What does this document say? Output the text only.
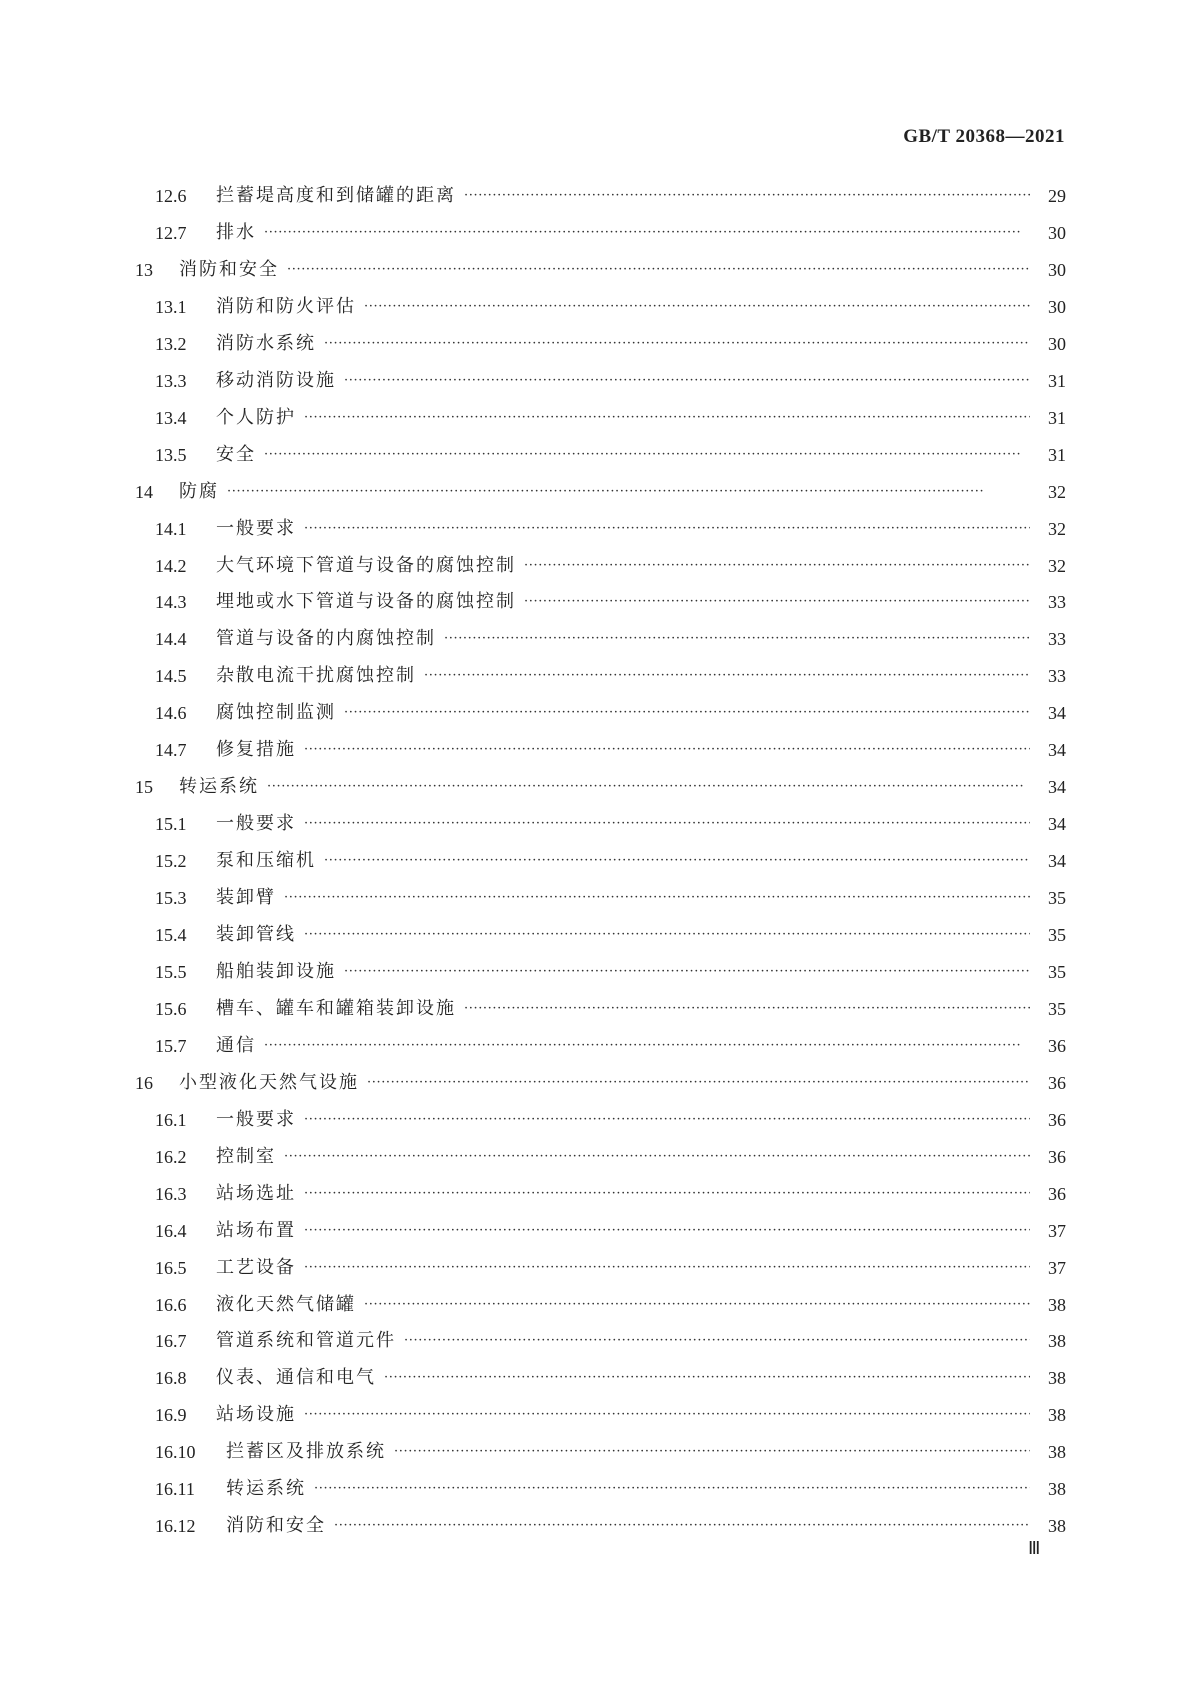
GB/T 20368—2021
12.6	拦蓄堤高度和到储罐的距离 ·····	29
12.7	排水 ·····	30
13	消防和安全 ·····	30
13.1	消防和防火评估 ·····	30
13.2	消防水系统 ·····	30
13.3	移动消防设施 ·····	31
13.4	个人防护 ·····	31
13.5	安全 ·····	31
14	防腐 ·····	32
14.1	一般要求 ·····	32
14.2	大气环境下管道与设备的腐蚀控制 ·····	32
14.3	埋地或水下管道与设备的腐蚀控制 ·····	33
14.4	管道与设备的内腐蚀控制 ·····	33
14.5	杂散电流干扰腐蚀控制 ·····	33
14.6	腐蚀控制监测 ·····	34
14.7	修复措施 ·····	34
15	转运系统 ·····	34
15.1	一般要求 ·····	34
15.2	泵和压缩机 ·····	34
15.3	装卸臂 ·····	35
15.4	装卸管线 ·····	35
15.5	船舶装卸设施 ·····	35
15.6	槽车、罐车和罐箱装卸设施 ·····	35
15.7	通信 ·····	36
16	小型液化天然气设施 ·····	36
16.1	一般要求 ·····	36
16.2	控制室 ·····	36
16.3	站场选址 ·····	36
16.4	站场布置 ·····	37
16.5	工艺设备 ·····	37
16.6	液化天然气储罐 ·····	38
16.7	管道系统和管道元件 ·····	38
16.8	仪表、通信和电气 ·····	38
16.9	站场设施 ·····	38
16.10	拦蓄区及排放系统 ·····	38
16.11	转运系统 ·····	38
16.12	消防和安全 ·····	38
Ⅲ
